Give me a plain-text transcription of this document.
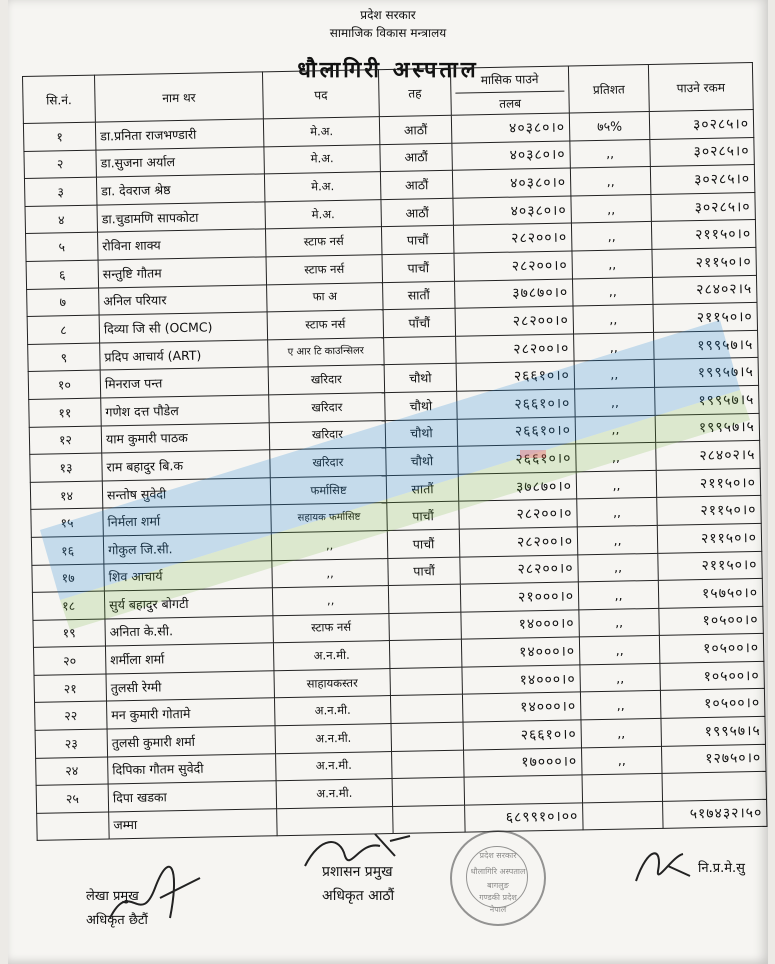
प्रदेश सरकार
सामाजिक विकास मन्त्रालय
धौलागिरी अस्पताल
सि.नं.	नाम थर	पद	तह	मासिक पाउने
तलब	प्रतिशत	पाउने रकम
१	डा.प्रनिता राजभण्डारी	मे.अ.	आठौं	४०३८०।०	७५%	३०२८५।०
२	डा.सुजना अर्याल	मे.अ.	आठौं	४०३८०।०	,,	३०२८५।०
३	डा. देवराज श्रेष्ठ	मे.अ.	आठौं	४०३८०।०	,,	३०२८५।०
४	डा.चुडामणि सापकोटा	मे.अ.	आठौं	४०३८०।०	,,	३०२८५।०
५	रोविना शाक्य	स्टाफ नर्स	पाचौं	२८२००।०	,,	२११५०।०
६	सन्तुष्टि गौतम	स्टाफ नर्स	पाचौं	२८२००।०	,,	२११५०।०
७	अनिल परियार	फा अ	सातौं	३७८७०।०	,,	२८४०२।५
८	दिव्या जि सी (OCMC)	स्टाफ नर्स	पाँचौं	२८२००।०	,,	२११५०।०
९	प्रदिप आचार्य (ART)	ए आर टि काउन्सिलर		२८२००।०	,,	१९९५७।५
१०	मिनराज पन्त	खरिदार	चौथो	२६६१०।०	,,	१९९५७।५
११	गणेश दत्त पौडेल	खरिदार	चौथो	२६६१०।०	,,	१९९५७।५
१२	याम कुमारी पाठक	खरिदार	चौथो	२६६१०।०	,,	१९९५७।५
१३	राम बहादुर बि.क	खरिदार	चौथो	२६६१०।०	,,	२८४०२।५
१४	सन्तोष सुवेदी	फर्मासिष्ट	सातौं	३७८७०।०	,,	२११५०।०
१५	निर्मला शर्मा	सहायक फर्मासिष्ट	पाचौं	२८२००।०	,,	२११५०।०
१६	गोकुल जि.सी.	,,	पाचौं	२८२००।०	,,	२११५०।०
१७	शिव आचार्य	,,	पाचौं	२८२००।०	,,	२११५०।०
१८	सुर्य बहादुर बोगटी	,,		२१०००।०	,,	१५७५०।०
१९	अनिता के.सी.	स्टाफ नर्स		१४०००।०	,,	१०५००।०
२०	शर्मीला शर्मा	अ.न.मी.		१४०००।०	,,	१०५००।०
२१	तुलसी रेग्मी	साहायकस्तर		१४०००।०	,,	१०५००।०
२२	मन कुमारी गोतामे	अ.न.मी.		१४०००।०	,,	१०५००।०
२३	तुलसी कुमारी शर्मा	अ.न.मी.		२६६१०।०	,,	१९९५७।५
२४	दिपिका गौतम सुवेदी	अ.न.मी.		१७०००।०	,,	१२७५०।०
२५	दिपा खडका	अ.न.मी.				
	जम्मा			६८९९१०।००		५१७४३२।५०
लेखा प्रमुख
अधिकृत छैटौं
प्रशासन प्रमुख
अधिकृत आठौं
प्रदेश सरकार
धौलागिरि अस्पताल
बागलुङ
गण्डकी प्रदेश
नेपाल
नि.प्र.मे.सु
